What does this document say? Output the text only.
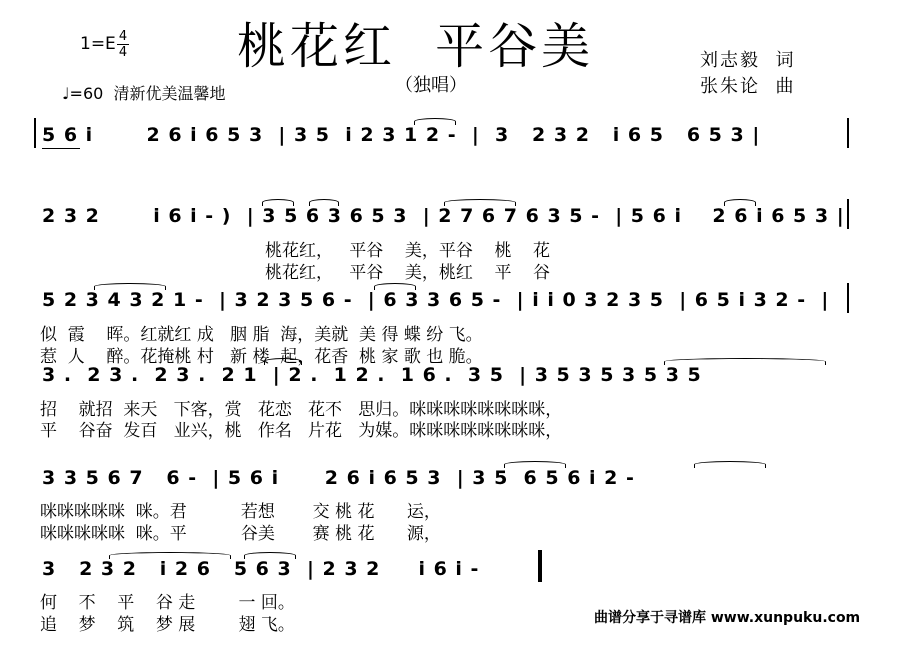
1=E 4
4
♩=60  清新优美温馨地
桃花红  平谷美
（独唱）
刘志毅  词
张朱论  曲
5 6 i       2 6 i 6 5 3  | 3 5  i 2 3 1 2 -  |  3   2 3 2   i 6 5   6 5 3 |
2 3 2       i 6 i - )  | 3 5 6 3 6 5 3  | 2 7 6 7 6 3 5 -  | 5 6 i    2 6 i 6 5 3 |
桃花红，   平谷    美，平谷    桃    花
桃花红，   平谷    美，桃红    平    谷
5 2 3 4 3 2 1 -  | 3 2 3 5 6 -  | 6 3 3 6 5 -  | i i 0 3 2 3 5  | 6 5 i 3 2 -  |
似  霞    晖。红就红 成   胭 脂  海，美就  美 得 蝶 纷 飞。
惹  人    醉。花掩桃 村   新 楼  起，花香  桃 家 歌 也 脆。
3 .  2 3 .  2 3 .  2 1  | 2 .  1 2 .  1 6 .  3 5  | 3 5 3 5 3 5 3 5
招    就招  来天   下客，赏   花恋   花不   思归。咪咪咪咪咪咪咪咪，
平    谷奋  发百   业兴，桃   作名   片花   为媒。咪咪咪咪咪咪咪咪，
3 3 5 6 7   6 -  | 5 6 i      2 6 i 6 5 3  | 3 5  6 5 6 i 2 -
咪咪咪咪咪  咪。君          若想       交 桃 花      运，
咪咪咪咪咪  咪。平          谷美       赛 桃 花      源，
3   2 3 2   i 2 6   5 6 3  | 2 3 2     i 6 i -
何    不    平    谷 走        一 回。
追    梦    筑    梦 展        翅 飞。	曲谱分享于寻谱库 www.xunpuku.com
